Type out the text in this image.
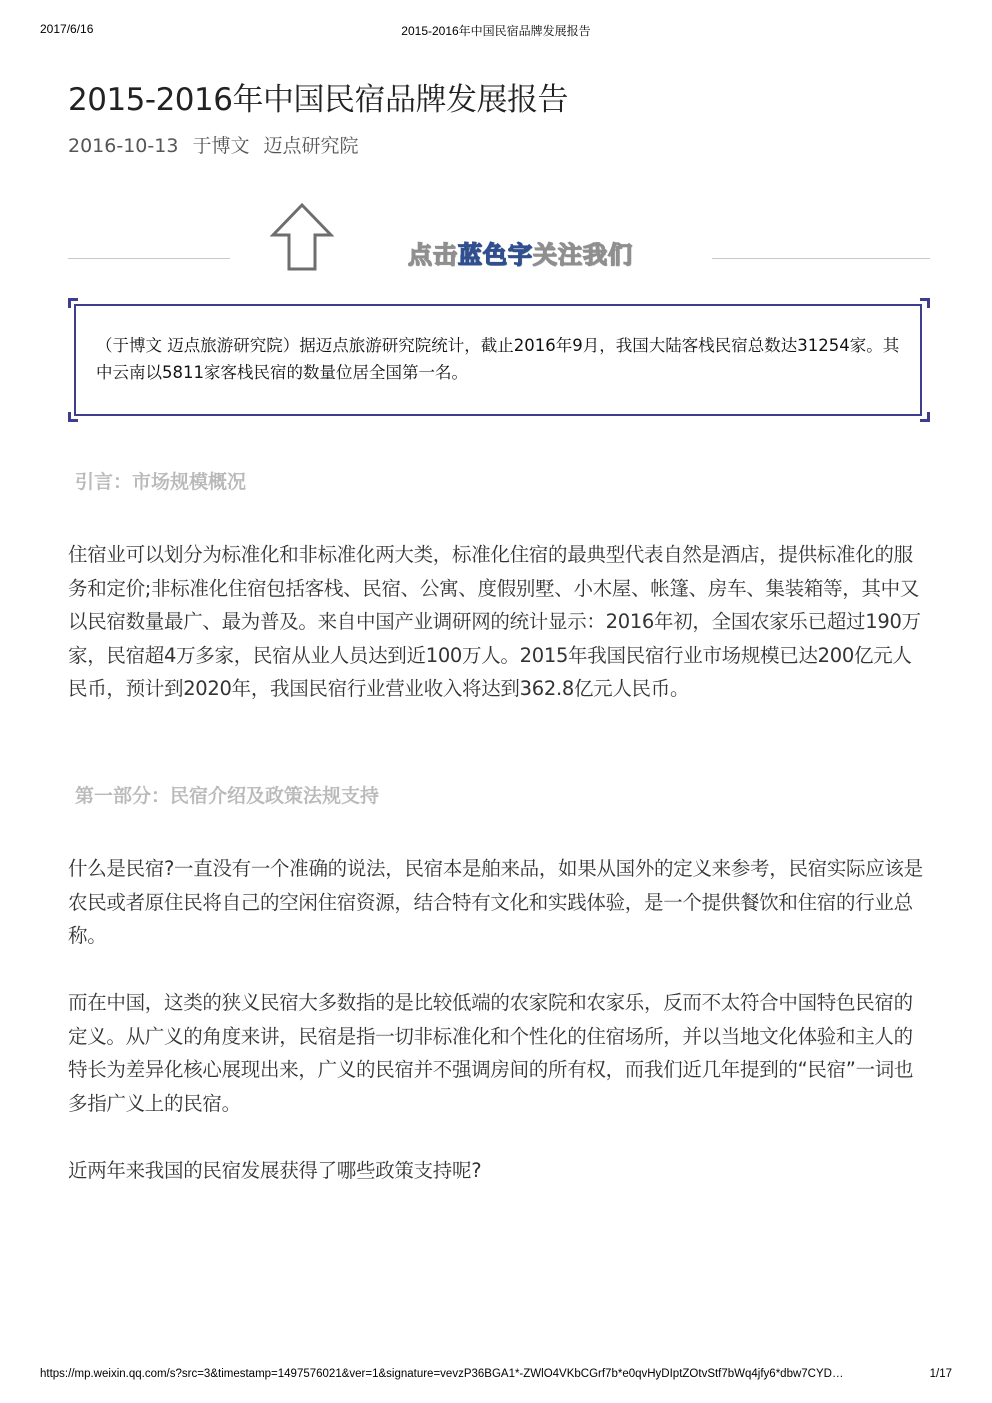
2017/6/16	2015-2016年中国民宿品牌发展报告
2015-2016年中国民宿品牌发展报告
2016-10-13 于博文 迈点研究院
点击蓝色字关注我们

（于博文 迈点旅游研究院）据迈点旅游研究院统计，截止2016年9月，我国大陆客栈民宿总数达31254家。其中云南以5811家客栈民宿的数量位居全国第一名。

引言：市场规模概况

住宿业可以划分为标准化和非标准化两大类，标准化住宿的最典型代表自然是酒店，提供标准化的服务和定价;非标准化住宿包括客栈、民宿、公寓、度假别墅、小木屋、帐篷、房车、集装箱等，其中又以民宿数量最广、最为普及。来自中国产业调研网的统计显示：2016年初，全国农家乐已超过190万家，民宿超4万多家，民宿从业人员达到近100万人。2015年我国民宿行业市场规模已达200亿元人民币，预计到2020年，我国民宿行业营业收入将达到362.8亿元人民币。

第一部分：民宿介绍及政策法规支持

什么是民宿?一直没有一个准确的说法，民宿本是舶来品，如果从国外的定义来参考，民宿实际应该是农民或者原住民将自己的空闲住宿资源，结合特有文化和实践体验，是一个提供餐饮和住宿的行业总称。

而在中国，这类的狭义民宿大多数指的是比较低端的农家院和农家乐，反而不太符合中国特色民宿的定义。从广义的角度来讲，民宿是指一切非标准化和个性化的住宿场所，并以当地文化体验和主人的特长为差异化核心展现出来，广义的民宿并不强调房间的所有权，而我们近几年提到的“民宿”一词也多指广义上的民宿。

近两年来我国的民宿发展获得了哪些政策支持呢?

https://mp.weixin.qq.com/s?src=3&timestamp=1497576021&ver=1&signature=vevzP36BGA1*-ZWlO4VKbCGrf7b*e0qvHyDIptZOtvStf7bWq4jfy6*dbw7CYD…	1/17
